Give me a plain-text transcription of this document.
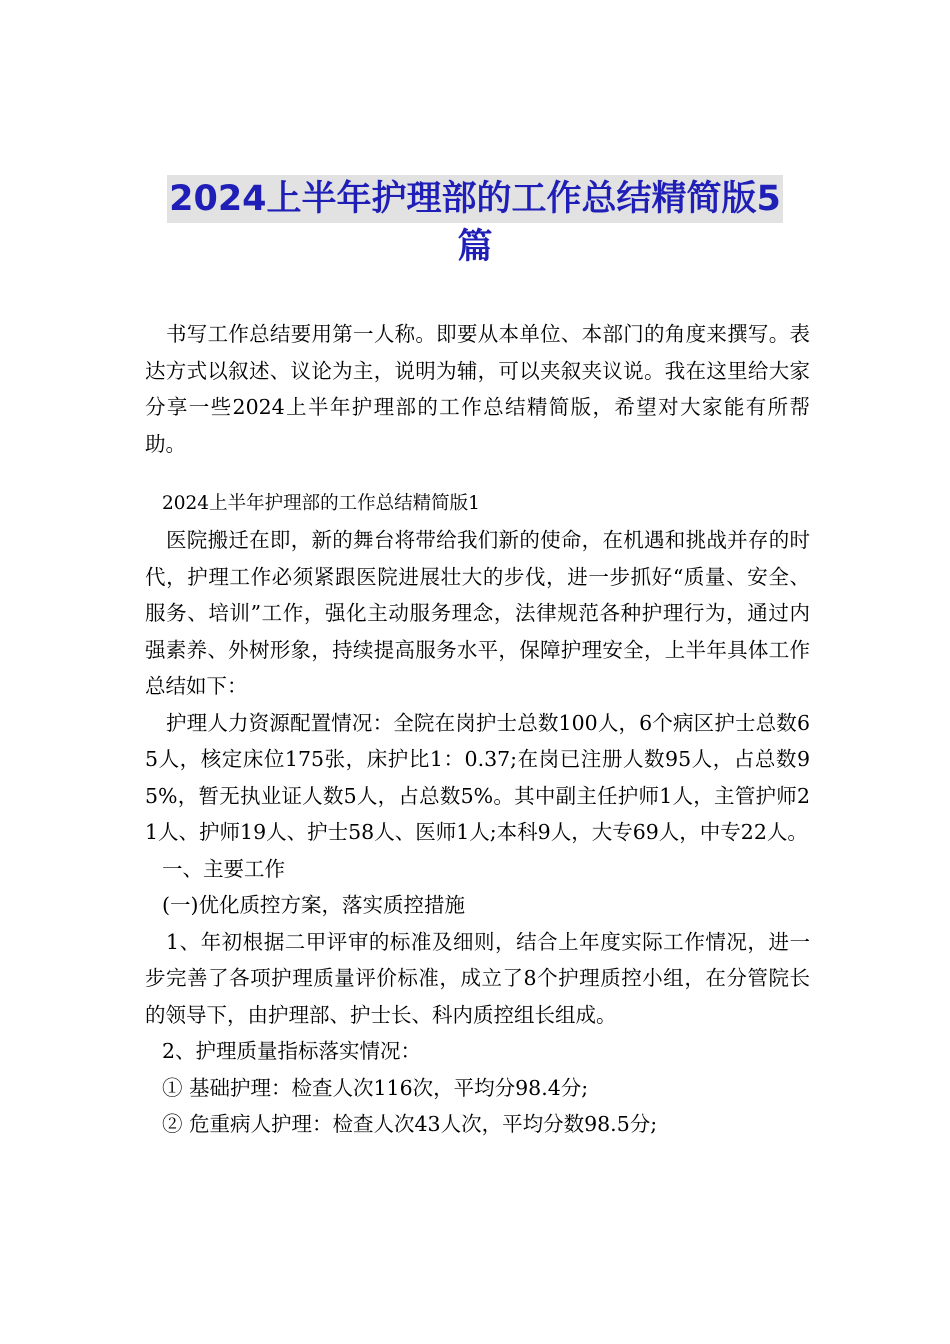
2024上半年护理部的工作总结精简版5
篇

书写工作总结要用第一人称。即要从本单位、本部门的角度来撰写。表达方式以叙述、议论为主，说明为辅，可以夹叙夹议说。我在这里给大家分享一些2024上半年护理部的工作总结精简版，希望对大家能有所帮助。

2024上半年护理部的工作总结精简版1

医院搬迁在即，新的舞台将带给我们新的使命，在机遇和挑战并存的时代，护理工作必须紧跟医院进展壮大的步伐，进一步抓好“质量、安全、服务、培训”工作，强化主动服务理念，法律规范各种护理行为，通过内强素养、外树形象，持续提高服务水平，保障护理安全，上半年具体工作总结如下：

护理人力资源配置情况：全院在岗护士总数100人，6个病区护士总数65人，核定床位175张，床护比1：0.37;在岗已注册人数95人，占总数95%，暂无执业证人数5人，占总数5%。其中副主任护师1人，主管护师21人、护师19人、护士58人、医师1人;本科9人，大专69人，中专22人。

一、主要工作

(一)优化质控方案，落实质控措施

1、年初根据二甲评审的标准及细则，结合上年度实际工作情况，进一步完善了各项护理质量评价标准，成立了8个护理质控小组，在分管院长的领导下，由护理部、护士长、科内质控组长组成。

2、护理质量指标落实情况：

① 基础护理：检查人次116次，平均分98.4分;

② 危重病人护理：检查人次43人次，平均分数98.5分;
